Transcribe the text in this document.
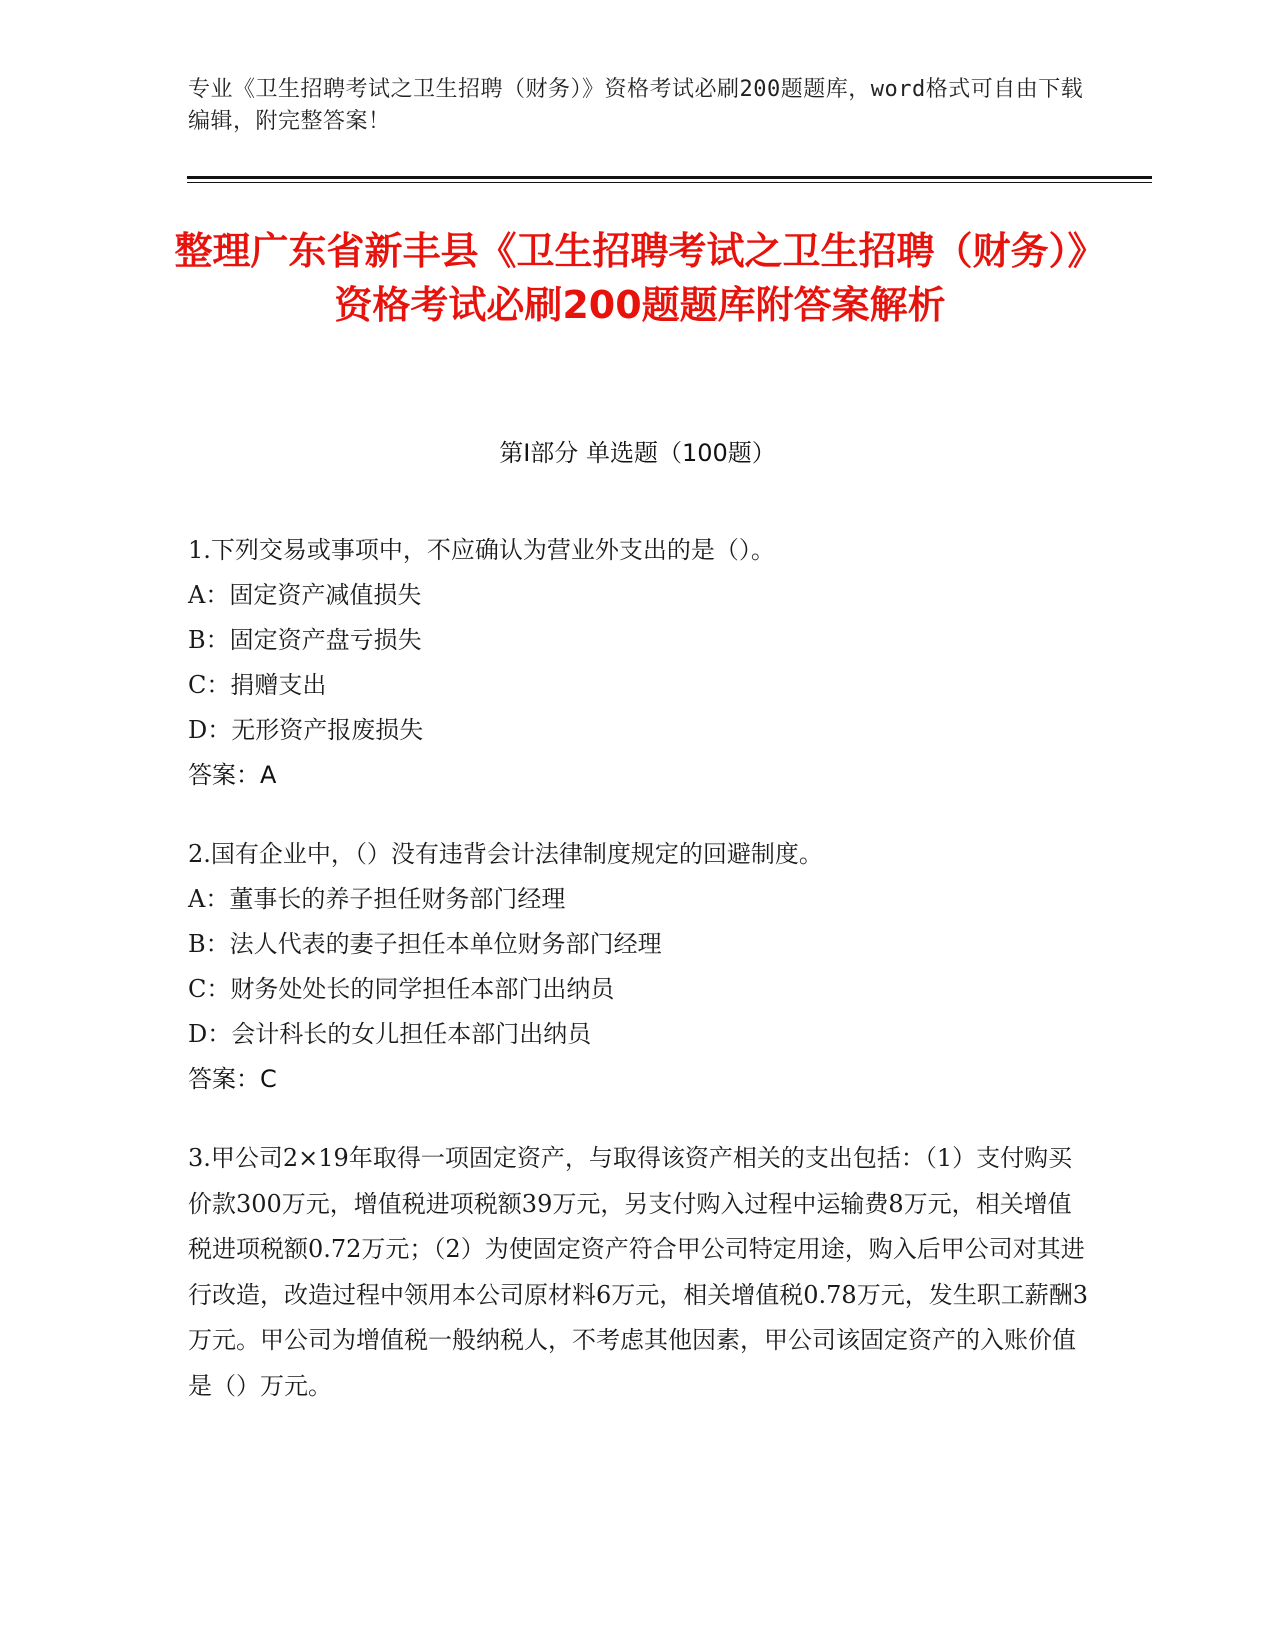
专业《卫生招聘考试之卫生招聘（财务）》资格考试必刷200题题库，word格式可自由下载编辑，附完整答案！
整理广东省新丰县《卫生招聘考试之卫生招聘（财务）》资格考试必刷200题题库附答案解析
第Ⅰ部分 单选题（100题）
1.下列交易或事项中，不应确认为营业外支出的是（）。
A：固定资产减值损失
B：固定资产盘亏损失
C：捐赠支出
D：无形资产报废损失
答案：A
2.国有企业中，（）没有违背会计法律制度规定的回避制度。
A：董事长的养子担任财务部门经理
B：法人代表的妻子担任本单位财务部门经理
C：财务处处长的同学担任本部门出纳员
D：会计科长的女儿担任本部门出纳员
答案：C
3.甲公司2×19年取得一项固定资产，与取得该资产相关的支出包括：（1）支付购买价款300万元，增值税进项税额39万元，另支付购入过程中运输费8万元，相关增值税进项税额0.72万元；（2）为使固定资产符合甲公司特定用途，购入后甲公司对其进行改造，改造过程中领用本公司原材料6万元，相关增值税0.78万元，发生职工薪酬3万元。甲公司为增值税一般纳税人，不考虑其他因素，甲公司该固定资产的入账价值是（）万元。
